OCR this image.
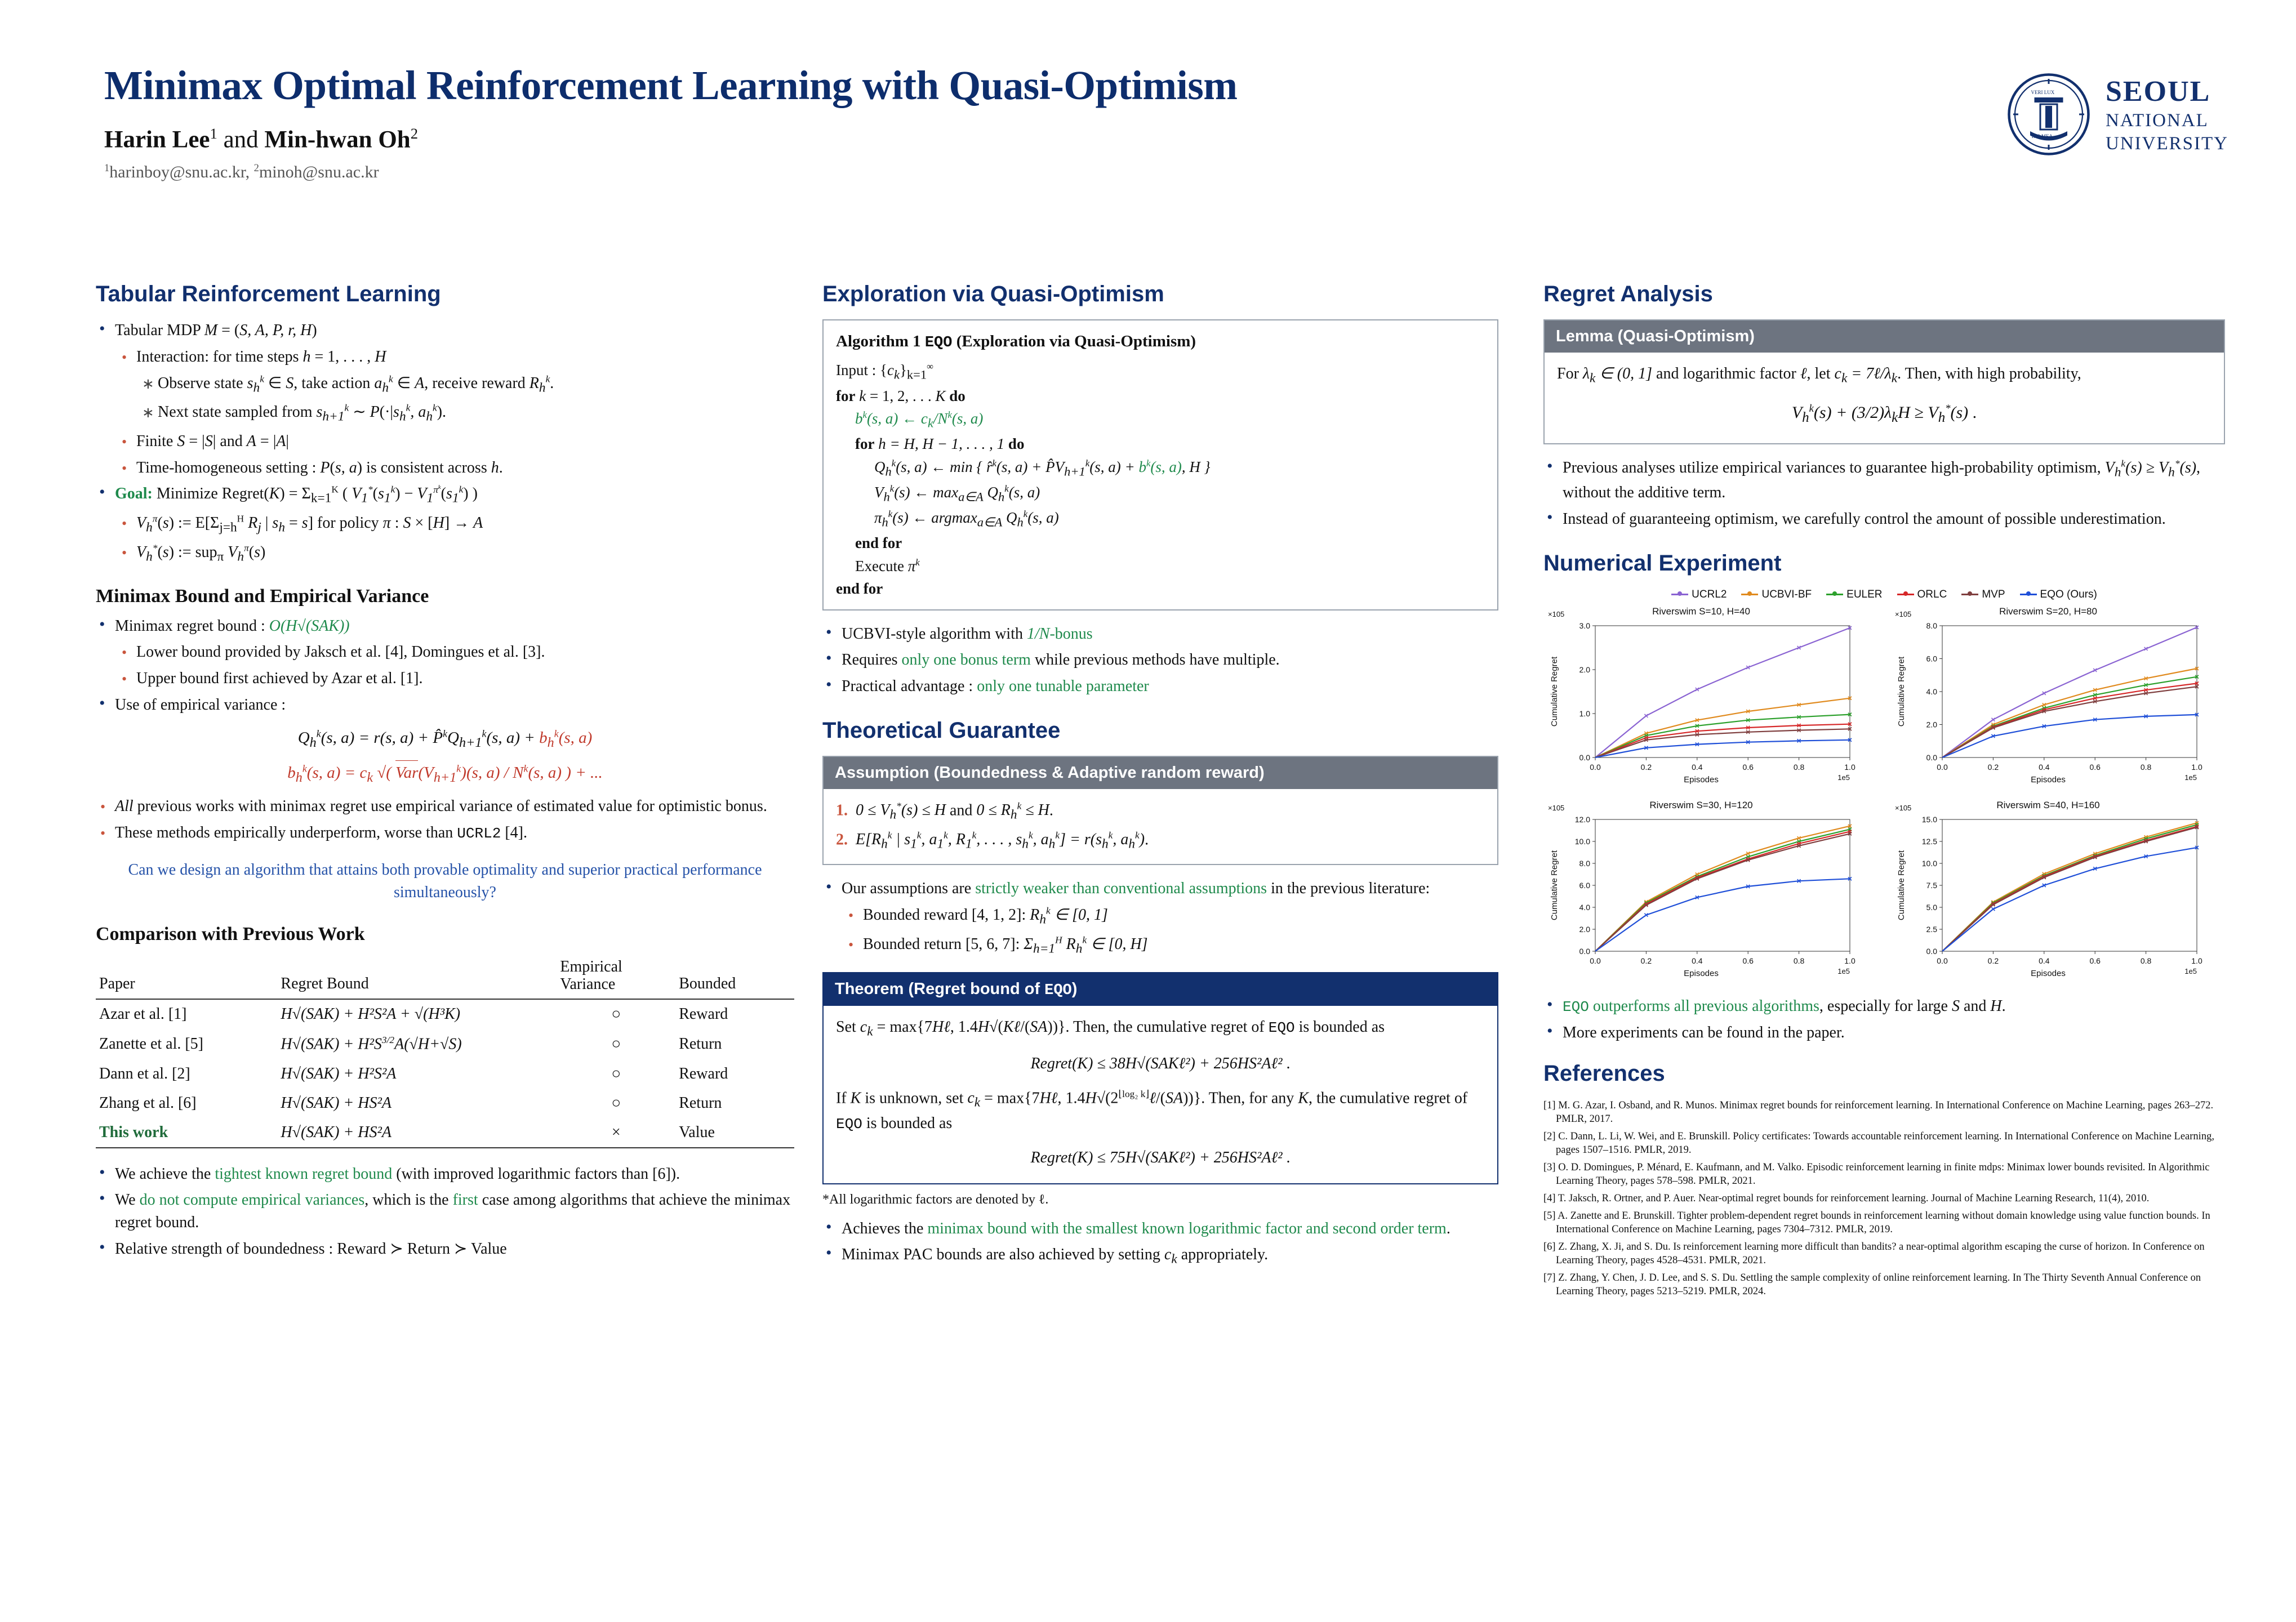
Minimax Optimal Reinforcement Learning with Quasi-Optimism
Harin Lee$^1$ and Min-hwan Oh$^2$
$^1$harinboy@snu.ac.kr, $^2$minoh@snu.ac.kr
VERI LUX
TAS MEA
SEOUL
NATIONAL
UNIVERSITY
Tabular Reinforcement Learning
• Tabular MDP M = (S, A, P, r, H)
• Interaction: for time steps h = 1, . . . , H
∗ Observe state $s_h^k$ ∈ S, take action $a_h^k$ ∈ A, receive reward $R_h^k$.
∗ Next state sampled from $s_{h+1}^k$ ∼ $P(\cdot|s_h^k$, $a_h^k$).
• Finite S = |S| and A = |A|
• Time-homogeneous setting : P(s, a) is consistent across h.
• Goal: Minimize Regret(K) = $\Sigma_{k=1}^K$ ( $V_1^*(s_1^k) - V_1^{\pi^k}(s_1^k)$ )
• $V_h^\pi(s)$ := $E[\Sigma_{j=h}^H$ $R_j$ | $s_h = s$] for policy π : S × [H] → A
• $V_h^*(s)$ := sup$_\pi$ $V_h^\pi(s)$
Minimax Bound and Empirical Variance
• Minimax regret bound : O(H√(SAK))
• Lower bound provided by Jaksch et al. [4], Domingues et al. [3].
• Upper bound first achieved by Azar et al. [1].
• Use of empirical variance :
$Q_h^k(s$, a) = r(s, $a) + P̂^kQ_{h+1}^k(s$, $a) + b_h^k(s$, a)
$b_h^k(s$, $a) = c_k$ √( $Var(V_{h+1}^k)(s$, $a) / N^k(s$, a) ) + ...
• All previous works with minimax regret use empirical variance of estimated value for optimistic bonus.
• These methods empirically underperform, worse than UCRL2 [4].
Can we design an algorithm that attains both provable optimality and superior practical performance simultaneously?
Comparison with Previous Work
Paper	Regret Bound	Empirical
Variance	Bounded
Azar et al. [1]	H√(SAK) + H²S²A + √(H³K)	○	Reward
Zanette et al. [5]	$H√(SAK) + H^2S^{3/2}A(√H+√S)$	○	Return
Dann et al. [2]	H√(SAK) + H²S²A	○	Reward
Zhang et al. [6]	H√(SAK) + HS²A	○	Return
This work	H√(SAK) + HS²A	×	Value
• We achieve the tightest known regret bound (with improved logarithmic factors than [6]).
• We do not compute empirical variances, which is the first case among algorithms that achieve the minimax regret bound.
• Relative strength of boundedness : Reward ≻ Return ≻ Value
Exploration via Quasi-Optimism
Algorithm 1 EQO (Exploration via Quasi-Optimism)
Input : $\{c_k\}_{k=1}^\infty$
for k = 1, 2, . . . K do
$b^k(s$, a) ← $c_k/N^k(s$, a)
for h = H, H − 1, . . . , 1 do
$Q_h^k(s$, a) ← min { r̂$^k$(s, $a) + P̂V_{h+1}^k(s$, $a) + b^k(s$, a), H }
$V_h^k(s)$ ← $\max_{a\in A} Q_h^k(s$, a)
$\pi_h^k(s)$ ← argmax$_{a\in A}$ $Q_h^k(s$, a)
end for
Execute $\pi^k$
end for
• UCBVI-style algorithm with 1/N-bonus
• Requires only one bonus term while previous methods have multiple.
• Practical advantage : only one tunable parameter
Theoretical Guarantee
Assumption (Boundedness & Adaptive random reward)
1. $0 \le V_h^*(s) \le H$ and $0 \le R_h^k \le H$.
2. $E[R_h^k$ | $s_1^k$, $a_1^k$, $R_1^k$, . . . , $s_h^k$, $a_h^k] = r(s_h^k$, $a_h^k$).
• Our assumptions are strictly weaker than conventional assumptions in the previous literature:
• Bounded reward [4, 1, 2]: $R_h^k$ ∈ [0, 1]
• Bounded return [5, 6, 7]: $\Sigma_{h=1}^H$ $R_h^k$ ∈ [0, H]
Theorem (Regret bound of EQO)
Set $c_k$ = max{7Hℓ, 1.4H√(Kℓ/(SA))}. Then, the cumulative regret of EQO is bounded as
Regret(K) ≤ 38H√(SAKℓ²) + 256HS²Aℓ² .
If K is unknown, set $c_k$ = max{7Hℓ, $1.4H√(2^{⌊log_2 k⌋}\ell/(SA))$}. Then, for any K, the cumulative regret of EQO is bounded as
Regret(K) ≤ 75H√(SAKℓ²) + 256HS²Aℓ² .
*All logarithmic factors are denoted by ℓ.
• Achieves the minimax bound with the smallest known logarithmic factor and second order term.
• Minimax PAC bounds are also achieved by setting $c_k$ appropriately.
Regret Analysis
Lemma (Quasi-Optimism)
For $\lambda_k$ ∈ (0, 1] and logarithmic factor ℓ, let $c_k$ = $7\ell/\lambda_k$. Then, with high probability,
$V_h^k(s) + (3/2)\lambda_kH \ge V_h^*(s)$ .
• Previous analyses utilize empirical variances to guarantee high-probability optimism, $V_h^k(s) \ge V_h^*(s)$, without the additive term.
• Instead of guaranteeing optimism, we carefully control the amount of possible underestimation.
Numerical Experiment
UCRL2	UCBVI-BF	EULER	ORLC	MVP	EQO (Ours)
Riverswim S=10, H=40
×105
0.0
1.0
2.0
3.0
0.0	0.2	0.4	0.6	0.8	1.0
1e5
Episodes
Cumulative Regret
Riverswim S=20, H=80
×105
0.0
2.0
4.0
6.0
8.0
0.0	0.2	0.4	0.6	0.8	1.0
1e5
Episodes
Cumulative Regret
Riverswim S=30, H=120
×105
0.0
2.0
4.0
6.0
8.0
10.0
12.0
0.0	0.2	0.4	0.6	0.8	1.0
1e5
Episodes
Cumulative Regret
Riverswim S=40, H=160
×105
0.0
2.5
5.0
7.5
10.0
12.5
15.0
0.0	0.2	0.4	0.6	0.8	1.0
1e5
Episodes
Cumulative Regret
• EQO outperforms all previous algorithms, especially for large S and H.
• More experiments can be found in the paper.
References

[1] M. G. Azar, I. Osband, and R. Munos. Minimax regret bounds for reinforcement learning. In International Conference on Machine Learning, pages 263–272. PMLR, 2017.

[2] C. Dann, L. Li, W. Wei, and E. Brunskill. Policy certificates: Towards accountable reinforcement learning. In International Conference on Machine Learning, pages 1507–1516. PMLR, 2019.

[3] O. D. Domingues, P. Ménard, E. Kaufmann, and M. Valko. Episodic reinforcement learning in finite mdps: Minimax lower bounds revisited. In Algorithmic Learning Theory, pages 578–598. PMLR, 2021.

[4] T. Jaksch, R. Ortner, and P. Auer. Near-optimal regret bounds for reinforcement learning. Journal of Machine Learning Research, 11(4), 2010.

[5] A. Zanette and E. Brunskill. Tighter problem-dependent regret bounds in reinforcement learning without domain knowledge using value function bounds. In International Conference on Machine Learning, pages 7304–7312. PMLR, 2019.

[6] Z. Zhang, X. Ji, and S. Du. Is reinforcement learning more difficult than bandits? a near-optimal algorithm escaping the curse of horizon. In Conference on Learning Theory, pages 4528–4531. PMLR, 2021.

[7] Z. Zhang, Y. Chen, J. D. Lee, and S. S. Du. Settling the sample complexity of online reinforcement learning. In The Thirty Seventh Annual Conference on Learning Theory, pages 5213–5219. PMLR, 2024.
